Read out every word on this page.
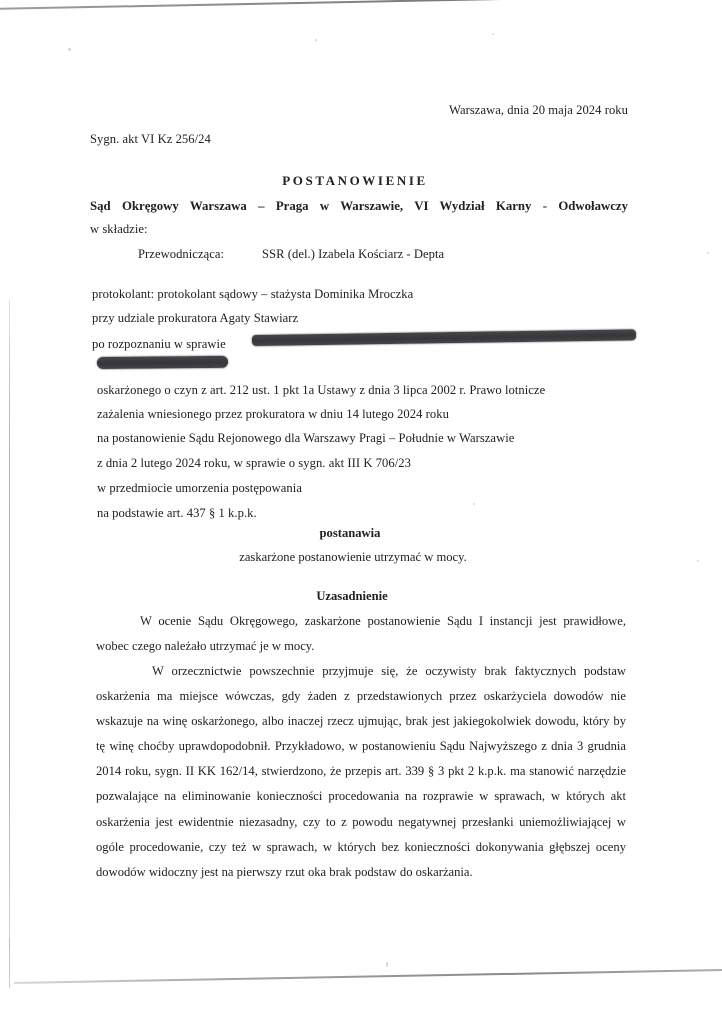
Warszawa, dnia 20 maja 2024 roku
Sygn. akt VI Kz 256/24
POSTANOWIENIE
Sąd Okręgowy Warszawa – Praga w Warszawie, VI Wydział Karny - Odwoławczy
w składzie:
Przewodnicząca:	SSR (del.) Izabela Kościarz - Depta
protokolant: protokolant sądowy – stażysta Dominika Mroczka
przy udziale prokuratora Agaty Stawiarz
po rozpoznaniu w sprawie
oskarżonego o czyn z art. 212 ust. 1 pkt 1a Ustawy z dnia 3 lipca 2002 r. Prawo lotnicze
zażalenia wniesionego przez prokuratora w dniu 14 lutego 2024 roku
na postanowienie Sądu Rejonowego dla Warszawy Pragi – Południe w Warszawie
z dnia 2 lutego 2024 roku, w sprawie o sygn. akt III K 706/23
w przedmiocie umorzenia postępowania
na podstawie art. 437 § 1 k.p.k.
postanawia
zaskarżone postanowienie utrzymać w mocy.
Uzasadnienie
W ocenie Sądu Okręgowego, zaskarżone postanowienie Sądu I instancji jest prawidłowe, wobec czego należało utrzymać je w mocy.
W orzecznictwie powszechnie przyjmuje się, że oczywisty brak faktycznych podstaw oskarżenia ma miejsce wówczas, gdy żaden z przedstawionych przez oskarżyciela dowodów nie wskazuje na winę oskarżonego, albo inaczej rzecz ujmując, brak jest jakiegokolwiek dowodu, który by tę winę choćby uprawdopodobnił. Przykładowo, w postanowieniu Sądu Najwyższego z dnia 3 grudnia 2014 roku, sygn. II KK 162/14, stwierdzono, że przepis art. 339 § 3 pkt 2 k.p.k. ma stanowić narzędzie pozwalające na eliminowanie konieczności procedowania na rozprawie w sprawach, w których akt oskarżenia jest ewidentnie niezasadny, czy to z powodu negatywnej przesłanki uniemożliwiającej w ogóle procedowanie, czy też w sprawach, w których bez konieczności dokonywania głębszej oceny dowodów widoczny jest na pierwszy rzut oka brak podstaw do oskarżania.
